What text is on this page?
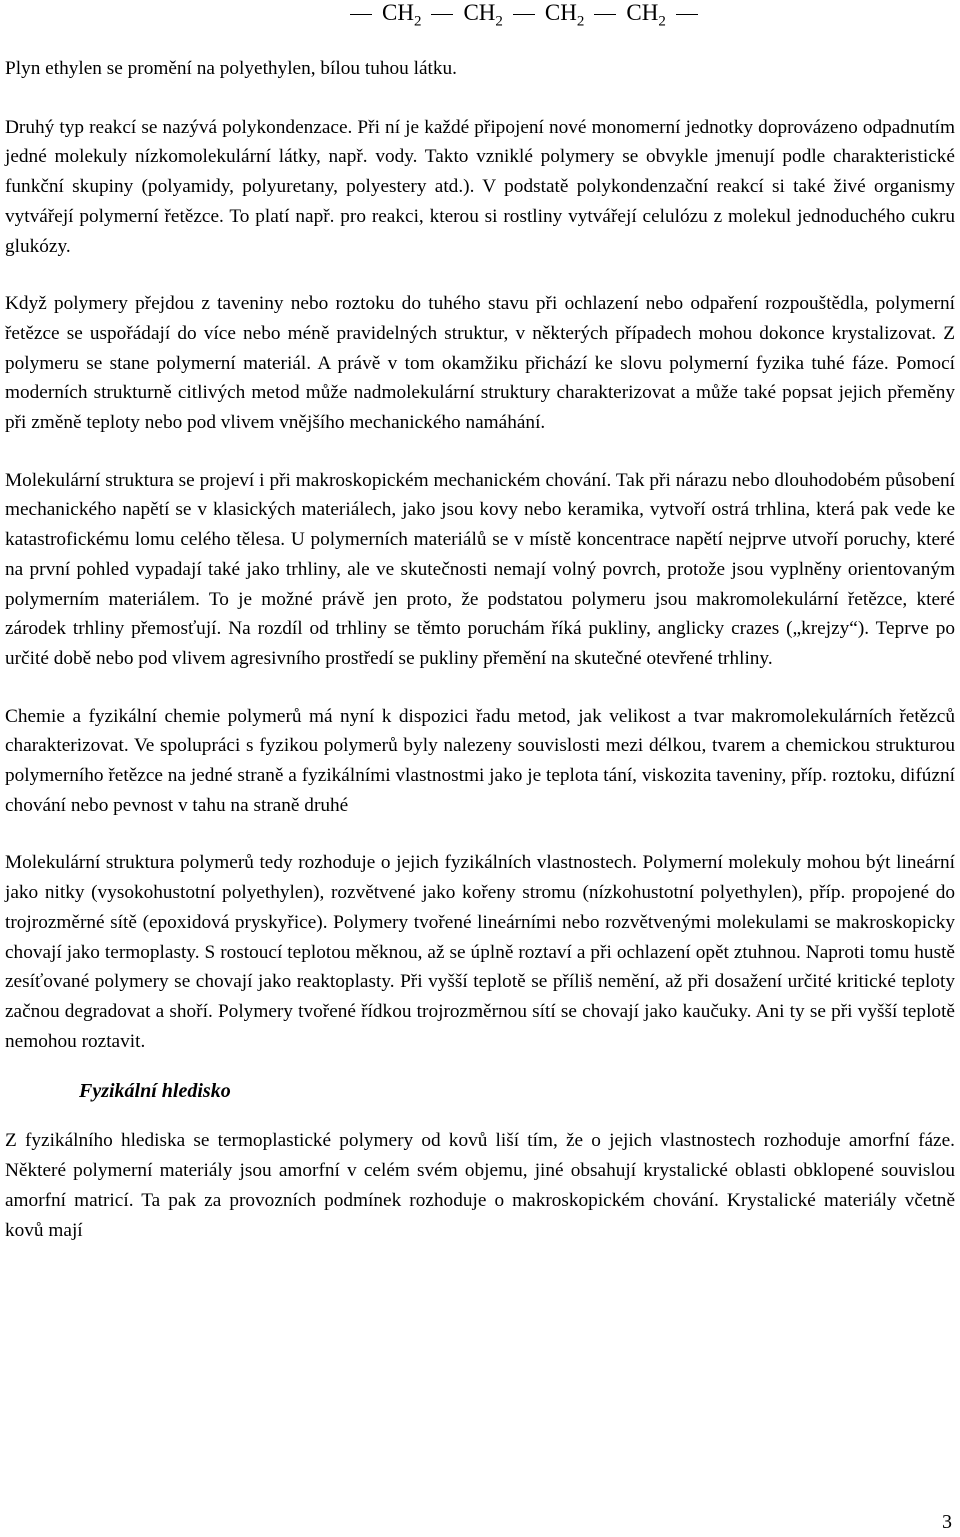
$CH_2$ $CH_2$ $CH_2$ $CH_2$

Plyn ethylen se promění na polyethylen, bílou tuhou látku.

Druhý typ reakcí se nazývá polykondenzace. Při ní je každé připojení nové monomerní jednotky doprovázeno odpadnutím jedné molekuly nízkomolekulární látky, např. vody. Takto vzniklé polymery se obvykle jmenují podle charakteristické funkční skupiny (polyamidy, polyuretany, polyestery atd.). V podstatě polykondenzační reakcí si také živé organismy vytvářejí polymerní řetězce. To platí např. pro reakci, kterou si rostliny vytvářejí celulózu z molekul jednoduchého cukru glukózy.

Když polymery přejdou z taveniny nebo roztoku do tuhého stavu při ochlazení nebo odpaření rozpouštědla, polymerní řetězce se uspořádají do více nebo méně pravidelných struktur, v některých případech mohou dokonce krystalizovat. Z polymeru se stane polymerní materiál. A právě v tom okamžiku přichází ke slovu polymerní fyzika tuhé fáze. Pomocí moderních strukturně citlivých metod může nadmolekulární struktury charakterizovat a může také popsat jejich přeměny při změně teploty nebo pod vlivem vnějšího mechanického namáhání.

Molekulární struktura se projeví i při makroskopickém mechanickém chování. Tak při nárazu nebo dlouhodobém působení mechanického napětí se v klasických materiálech, jako jsou kovy nebo keramika, vytvoří ostrá trhlina, která pak vede ke katastrofickému lomu celého tělesa. U polymerních materiálů se v místě koncentrace napětí nejprve utvoří poruchy, které na první pohled vypadají také jako trhliny, ale ve skutečnosti nemají volný povrch, protože jsou vyplněny orientovaným polymerním materiálem. To je možné právě jen proto, že podstatou polymeru jsou makromolekulární řetězce, které zárodek trhliny přemosťují. Na rozdíl od trhliny se těmto poruchám říká pukliny, anglicky crazes („krejzy“). Teprve po určité době nebo pod vlivem agresivního prostředí se pukliny přemění na skutečné otevřené trhliny.

Chemie a fyzikální chemie polymerů má nyní k dispozici řadu metod, jak velikost a tvar makromolekulárních řetězců charakterizovat. Ve spolupráci s fyzikou polymerů byly nalezeny souvislosti mezi délkou, tvarem a chemickou strukturou polymerního řetězce na jedné straně a fyzikálními vlastnostmi jako je teplota tání, viskozita taveniny, příp. roztoku, difúzní chování nebo pevnost v tahu na straně druhé

Molekulární struktura polymerů tedy rozhoduje o jejich fyzikálních vlastnostech. Polymerní molekuly mohou být lineární jako nitky (vysokohustotní polyethylen), rozvětvené jako kořeny stromu (nízkohustotní polyethylen), příp. propojené do trojrozměrné sítě (epoxidová pryskyřice). Polymery tvořené lineárními nebo rozvětvenými molekulami se makroskopicky chovají jako termoplasty. S rostoucí teplotou měknou, až se úplně roztaví a při ochlazení opět ztuhnou. Naproti tomu hustě zesíťované polymery se chovají jako reaktoplasty. Při vyšší teplotě se příliš nemění, až při dosažení určité kritické teploty začnou degradovat a shoří. Polymery tvořené řídkou trojrozměrnou sítí se chovají jako kaučuky. Ani ty se při vyšší teplotě nemohou roztavit.

Fyzikální hledisko

Z fyzikálního hlediska se termoplastické polymery od kovů liší tím, že o jejich vlastnostech rozhoduje amorfní fáze. Některé polymerní materiály jsou amorfní v celém svém objemu, jiné obsahují krystalické oblasti obklopené souvislou amorfní matricí. Ta pak za provozních podmínek rozhoduje o makroskopickém chování. Krystalické materiály včetně kovů mají

3
